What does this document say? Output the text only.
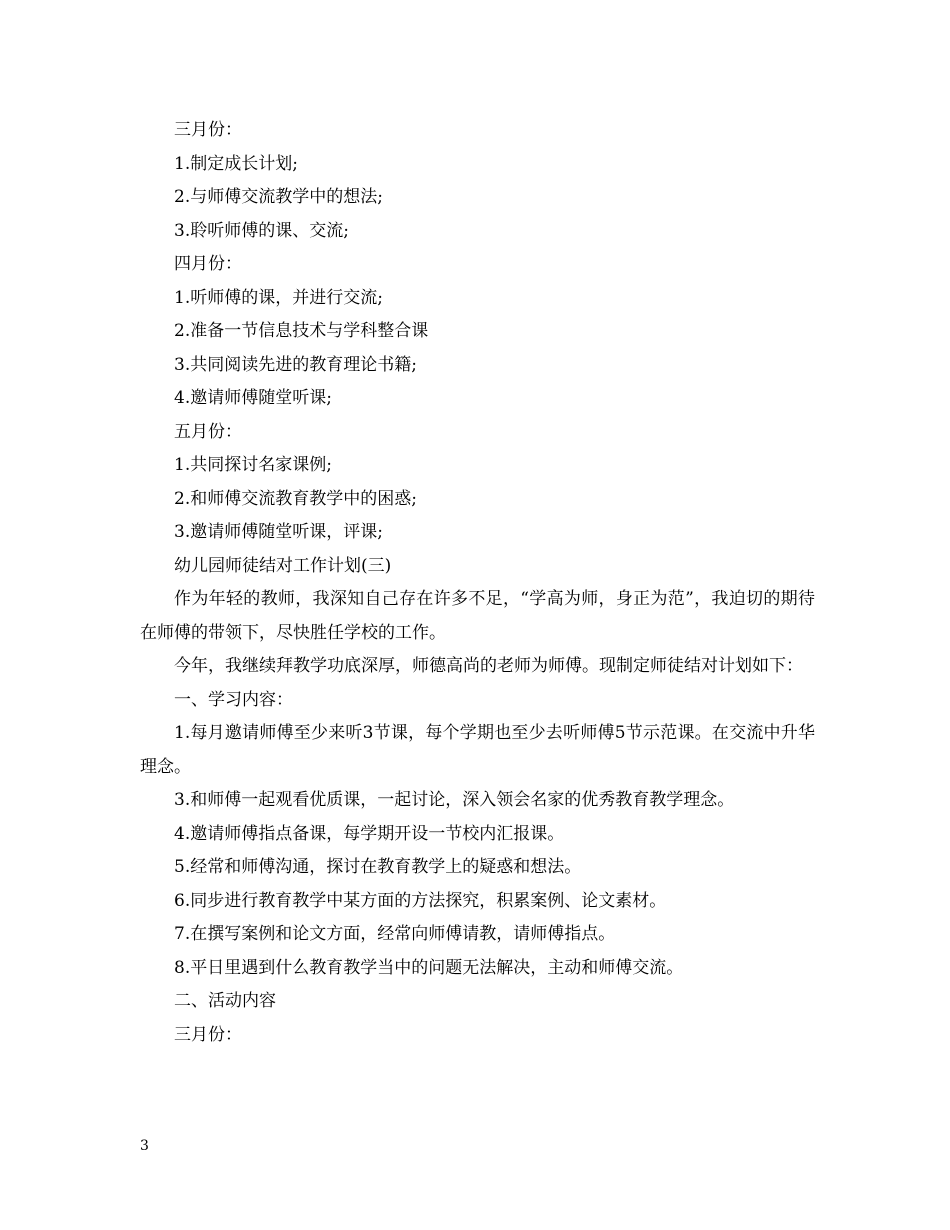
三月份：

1.制定成长计划;

2.与师傅交流教学中的想法;

3.聆听师傅的课、交流;

四月份：

1.听师傅的课，并进行交流;

2.准备一节信息技术与学科整合课

3.共同阅读先进的教育理论书籍;

4.邀请师傅随堂听课;

五月份：

1.共同探讨名家课例;

2.和师傅交流教育教学中的困惑;

3.邀请师傅随堂听课，评课;

幼儿园师徒结对工作计划(三)

作为年轻的教师，我深知自己存在许多不足，“学高为师，身正为范”，我迫切的期待在师傅的带领下，尽快胜任学校的工作。

今年，我继续拜教学功底深厚，师德高尚的老师为师傅。现制定师徒结对计划如下：

一、学习内容：

1.每月邀请师傅至少来听3节课，每个学期也至少去听师傅5节示范课。在交流中升华理念。

3.和师傅一起观看优质课，一起讨论，深入领会名家的优秀教育教学理念。

4.邀请师傅指点备课，每学期开设一节校内汇报课。

5.经常和师傅沟通，探讨在教育教学上的疑惑和想法。

6.同步进行教育教学中某方面的方法探究，积累案例、论文素材。

7.在撰写案例和论文方面，经常向师傅请教，请师傅指点。

8.平日里遇到什么教育教学当中的问题无法解决，主动和师傅交流。

二、活动内容

三月份：

3
